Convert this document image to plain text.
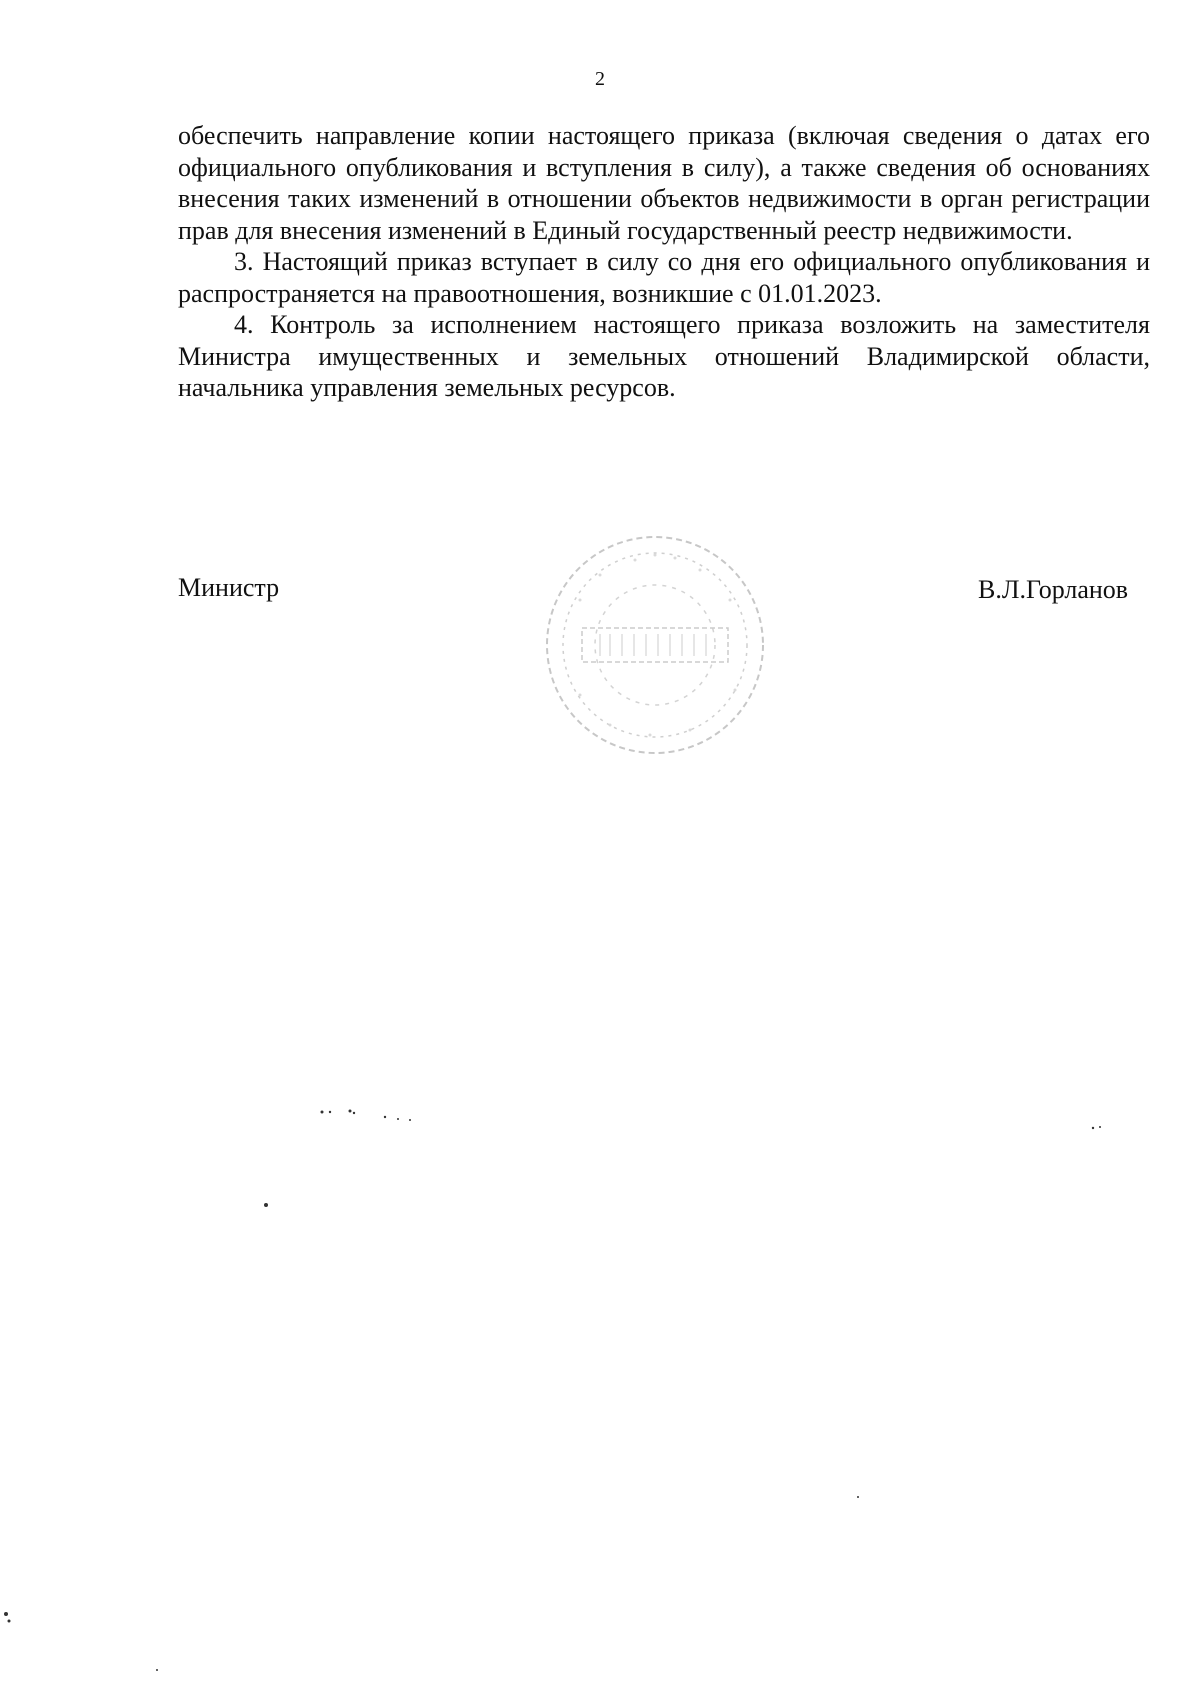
2

обеспечить направление копии настоящего приказа (включая сведения о датах его официального опубликования и вступления в силу), а также сведения об основаниях внесения таких изменений в отношении объектов недвижимости в орган регистрации прав для внесения изменений в Единый государственный реестр недвижимости.

3. Настоящий приказ вступает в силу со дня его официального опубликования и распространяется на правоотношения, возникшие с 01.01.2023.

4. Контроль за исполнением настоящего приказа возложить на заместителя Министра имущественных и земельных отношений Владимирской области, начальника управления земельных ресурсов.

Министр	В.Л.Горланов
